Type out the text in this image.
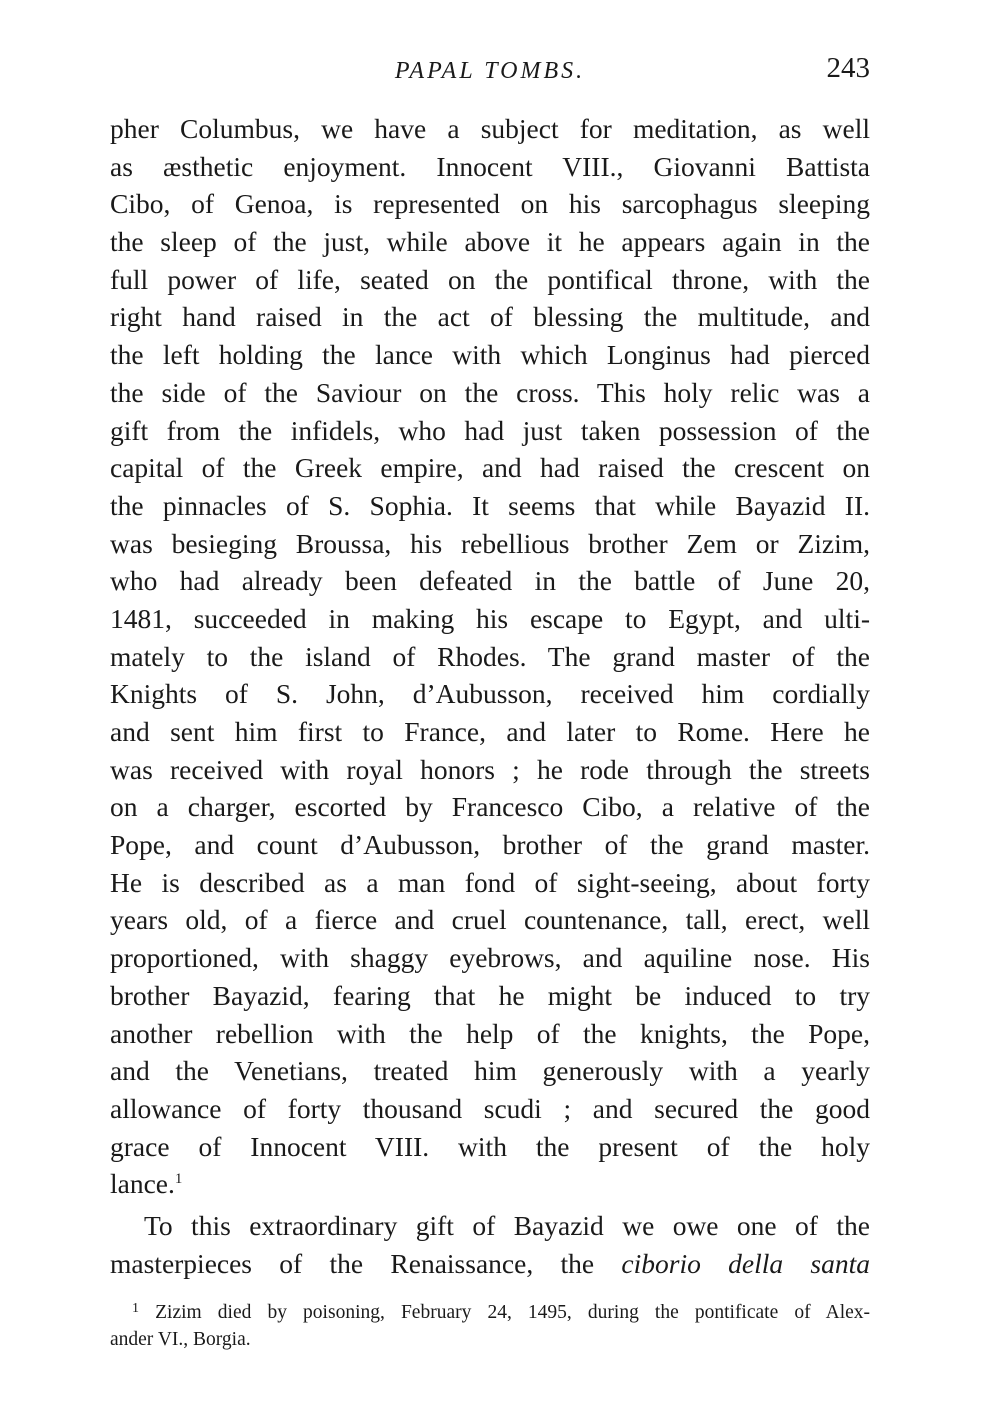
PAPAL TOMBS.	243
pher Columbus, we have a subject for meditation, as well
as æsthetic enjoyment. Innocent VIII., Giovanni Battista
Cibo, of Genoa, is represented on his sarcophagus sleeping
the sleep of the just, while above it he appears again in the
full power of life, seated on the pontifical throne, with the
right hand raised in the act of blessing the multitude, and
the left holding the lance with which Longinus had pierced
the side of the Saviour on the cross. This holy relic was a
gift from the infidels, who had just taken possession of the
capital of the Greek empire, and had raised the crescent on
the pinnacles of S. Sophia. It seems that while Bayazid II.
was besieging Broussa, his rebellious brother Zem or Zizim,
who had already been defeated in the battle of June 20,
1481, succeeded in making his escape to Egypt, and ulti-
mately to the island of Rhodes. The grand master of the
Knights of S. John, d’Aubusson, received him cordially
and sent him first to France, and later to Rome. Here he
was received with royal honors ; he rode through the streets
on a charger, escorted by Francesco Cibo, a relative of the
Pope, and count d’Aubusson, brother of the grand master.
He is described as a man fond of sight-seeing, about forty
years old, of a fierce and cruel countenance, tall, erect, well
proportioned, with shaggy eyebrows, and aquiline nose. His
brother Bayazid, fearing that he might be induced to try
another rebellion with the help of the knights, the Pope,
and the Venetians, treated him generously with a yearly
allowance of forty thousand scudi ; and secured the good
grace of Innocent VIII. with the present of the holy
lance.$^1$
To this extraordinary gift of Bayazid we owe one of the
masterpieces of the Renaissance, the ciborio della santa
$^1$ Zizim died by poisoning, February 24, 1495, during the pontificate of Alex-
ander VI., Borgia.
